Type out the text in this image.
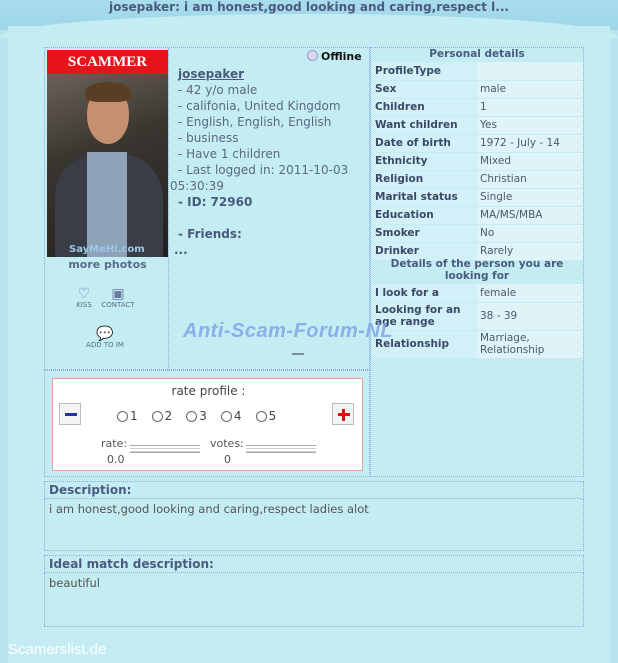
josepaker: i am honest,good looking and caring,respect l...
SayMeHi.com
SCAMMER
more photos
♡
KISS
▣
CONTACT
💬
ADD TO IM
Offline
josepaker
- 42 y/o male
- califonia, United Kingdom
- English, English, English
- business
- Have 1 children
- Last logged in: 2011-10-03
05:30:39
- ID: 72960
- Friends:
...
Personal details
ProfileType	
Sex	male
Children	1
Want children	Yes
Date of birth	1972 - July - 14
Ethnicity	Mixed
Religion	Christian
Marital status	Single
Education	MA/MS/MBA
Smoker	No
Drinker	Rarely
Details of the person you are looking for
I look for a	female
Looking for an age range	38 - 39
Relationship	Marriage, Relationship
Anti-Scam-Forum-NL
rate profile :
1 2 3 4 5
rate:
0.0
votes:
0
Description:
i am honest,good looking and caring,respect ladies alot
Ideal match description:
beautiful
Scamerslist.de
